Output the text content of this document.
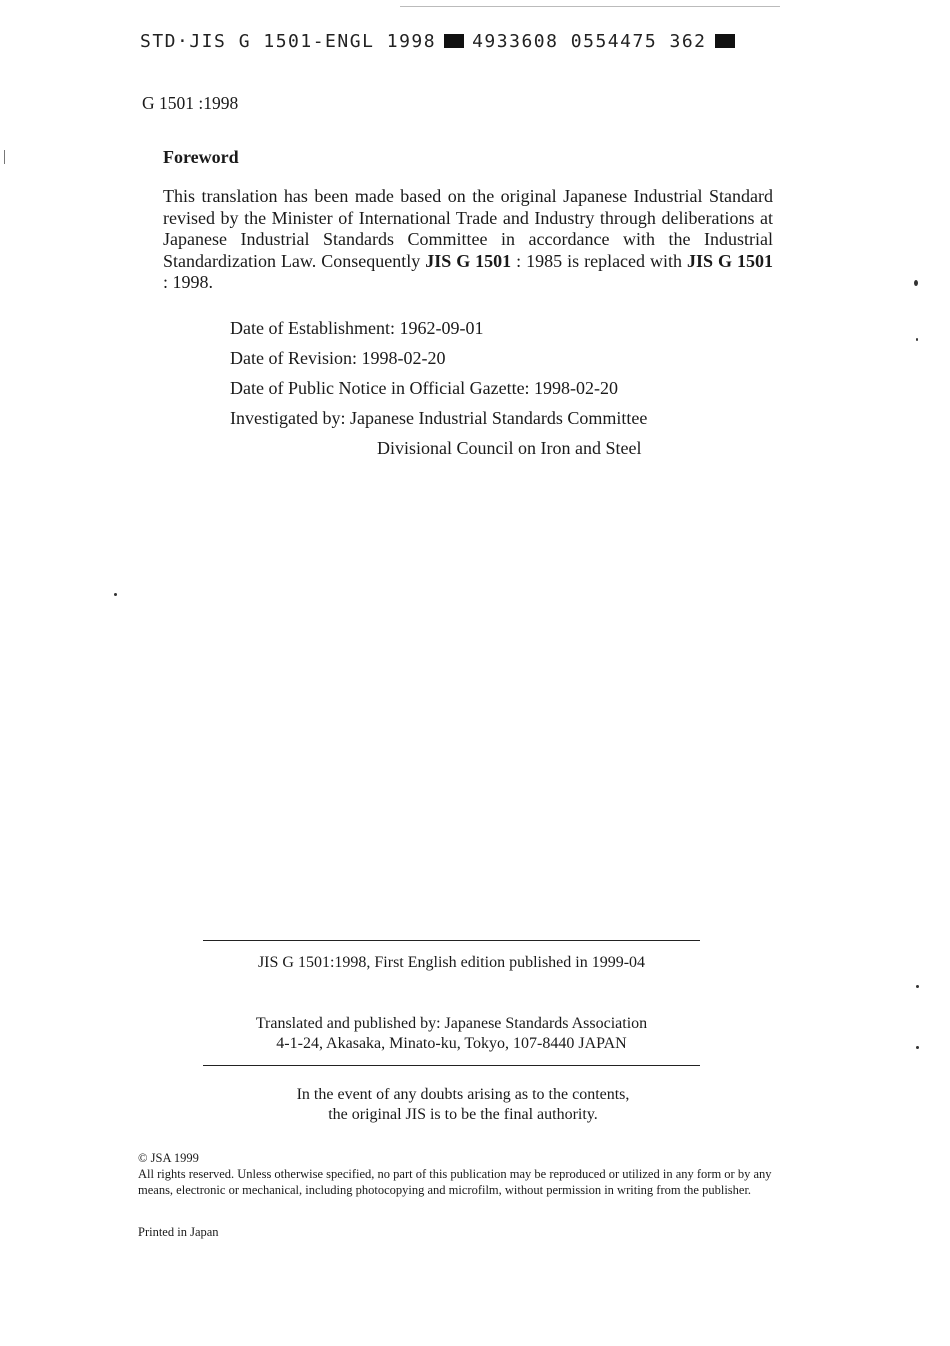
STD·JIS G 1501-ENGL 1998 4933608 0554475 362
G 1501 :1998
Foreword

This translation has been made based on the original Japanese Industrial Standard revised by the Minister of International Trade and Industry through deliberations at Japanese Industrial Standards Committee in accordance with the Industrial Standardization Law. Consequently JIS G 1501 : 1985 is replaced with JIS G 1501 : 1998.

Date of Establishment: 1962-09-01
Date of Revision: 1998-02-20
Date of Public Notice in Official Gazette: 1998-02-20
Investigated by: Japanese Industrial Standards Committee
Divisional Council on Iron and Steel
JIS G 1501:1998, First English edition published in 1999-04
Translated and published by: Japanese Standards Association
4-1-24, Akasaka, Minato-ku, Tokyo, 107-8440 JAPAN
In the event of any doubts arising as to the contents,
the original JIS is to be the final authority.
© JSA 1999
All rights reserved. Unless otherwise specified, no part of this publication may be reproduced or utilized in any form or by any means, electronic or mechanical, including photocopying and microfilm, without permission in writing from the publisher.
Printed in Japan
